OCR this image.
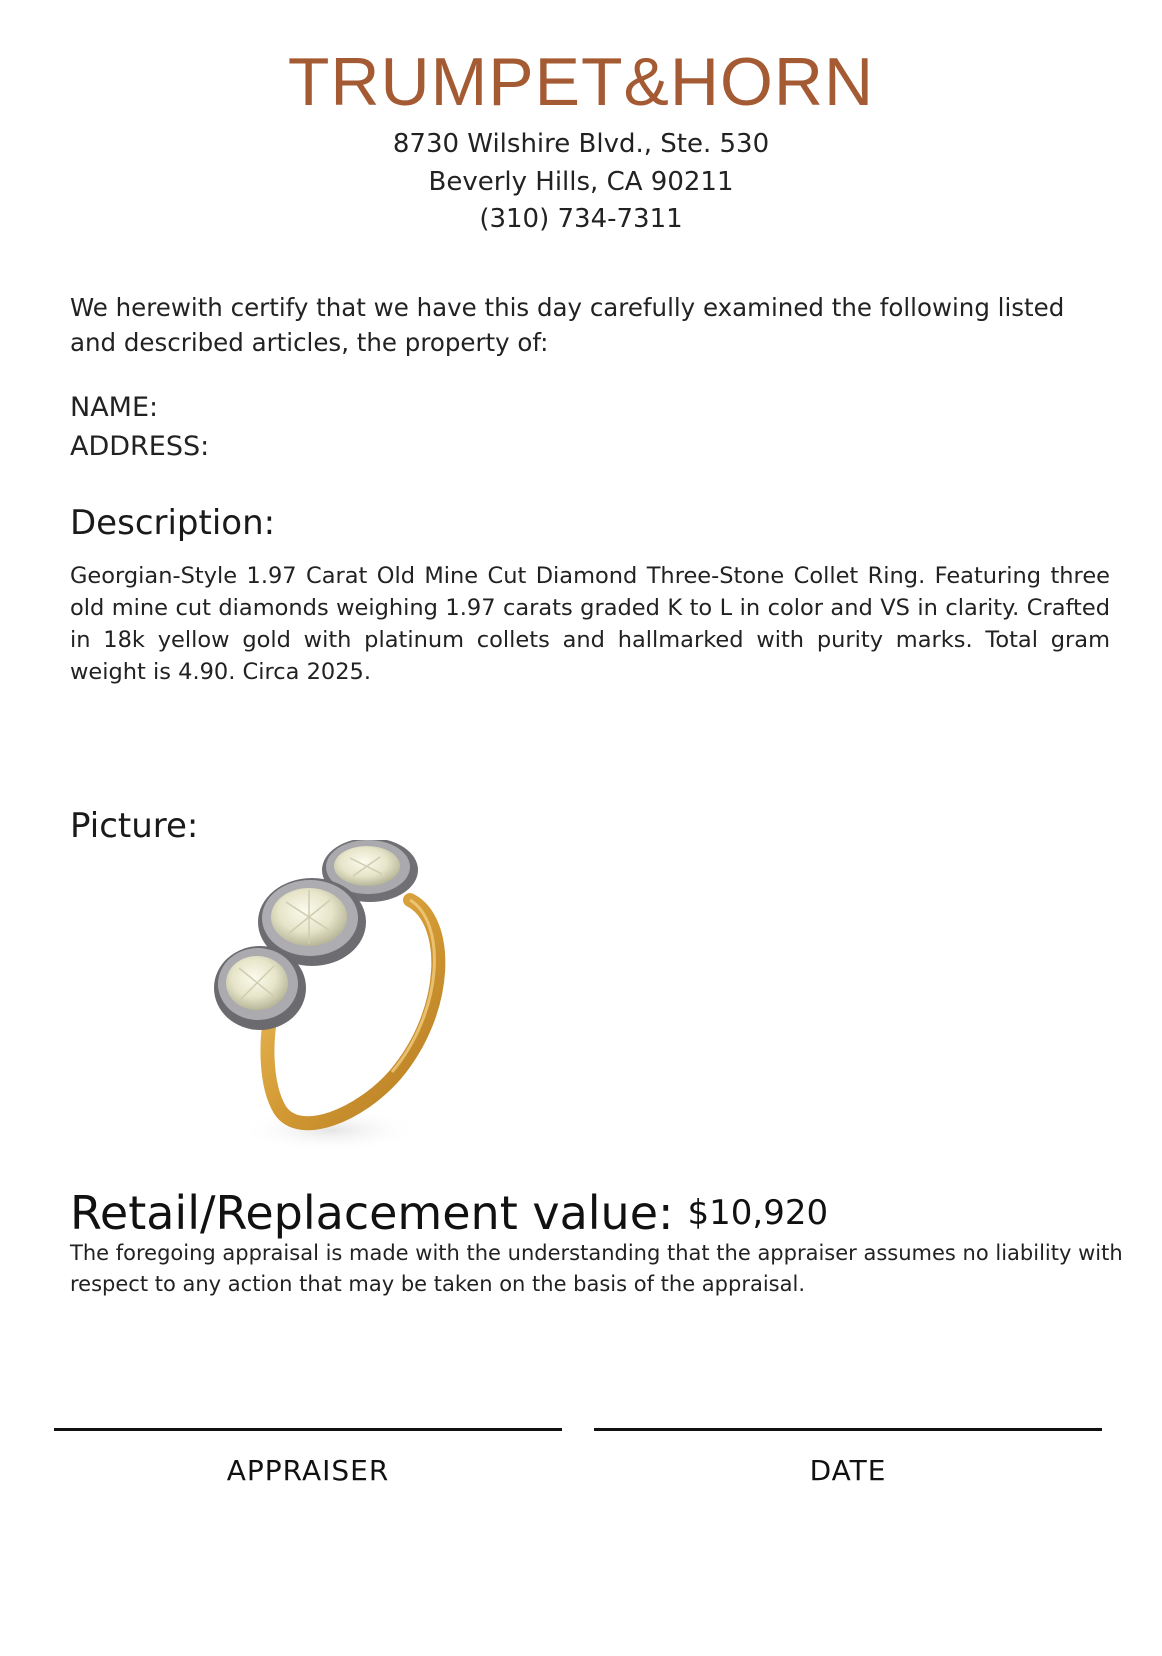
TRUMPET&HORN
8730 Wilshire Blvd., Ste. 530
Beverly Hills, CA 90211
(310) 734-7311
We herewith certify that we have this day carefully examined the following listed and described articles, the property of:
NAME:
ADDRESS:
Description:
Georgian-Style 1.97 Carat Old Mine Cut Diamond Three-Stone Collet Ring. Featuring three old mine cut diamonds weighing 1.97 carats graded K to L in color and VS in clarity. Crafted in 18k yellow gold with platinum collets and hallmarked with purity marks. Total gram weight is 4.90. Circa 2025.
Picture:
Retail/Replacement value: $10,920
The foregoing appraisal is made with the understanding that the appraiser assumes no liability with respect to any action that may be taken on the basis of the appraisal.
APPRAISER	DATE
